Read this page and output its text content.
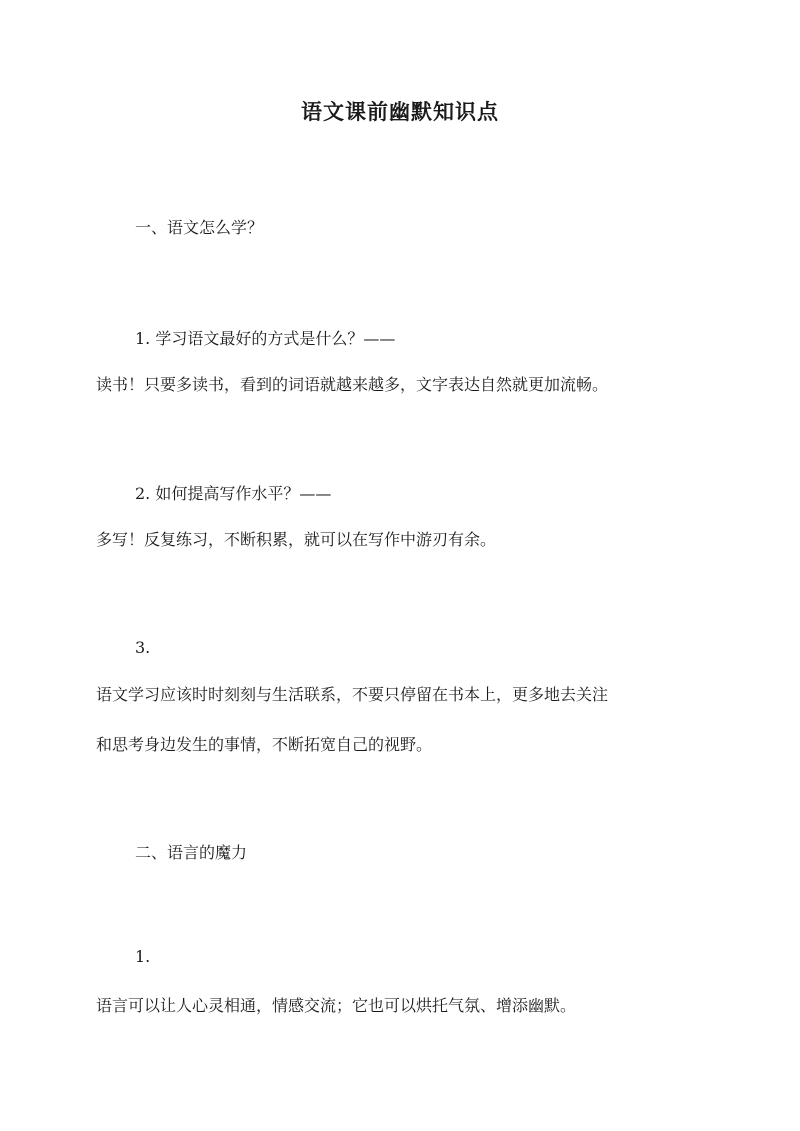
语文课前幽默知识点
一、语文怎么学？
1. 学习语文最好的方式是什么？——
读书！只要多读书，看到的词语就越来越多，文字表达自然就更加流畅。
2. 如何提高写作水平？——
多写！反复练习，不断积累，就可以在写作中游刃有余。
3.
语文学习应该时时刻刻与生活联系，不要只停留在书本上，更多地去关注
和思考身边发生的事情，不断拓宽自己的视野。
二、语言的魔力
1.
语言可以让人心灵相通，情感交流；它也可以烘托气氛、增添幽默。
